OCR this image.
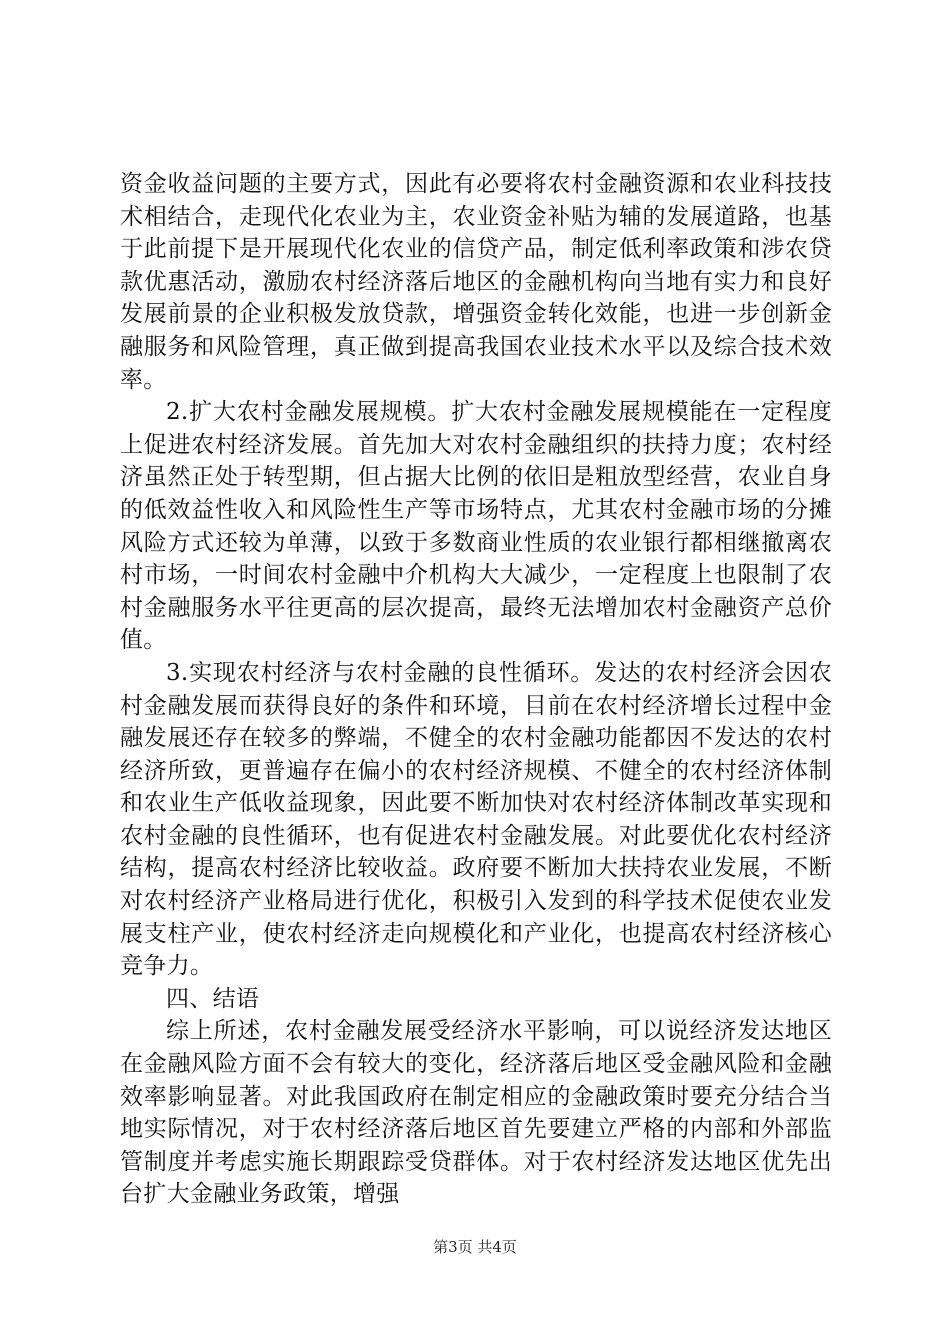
资金收益问题的主要方式，因此有必要将农村金融资源和农业科技技术相结合，走现代化农业为主，农业资金补贴为辅的发展道路，也基于此前提下是开展现代化农业的信贷产品，制定低利率政策和涉农贷款优惠活动，激励农村经济落后地区的金融机构向当地有实力和良好发展前景的企业积极发放贷款，增强资金转化效能，也进一步创新金融服务和风险管理，真正做到提高我国农业技术水平以及综合技术效率。

2.扩大农村金融发展规模。扩大农村金融发展规模能在一定程度上促进农村经济发展。首先加大对农村金融组织的扶持力度；农村经济虽然正处于转型期，但占据大比例的依旧是粗放型经营，农业自身的低效益性收入和风险性生产等市场特点，尤其农村金融市场的分摊风险方式还较为单薄，以致于多数商业性质的农业银行都相继撤离农村市场，一时间农村金融中介机构大大减少，一定程度上也限制了农村金融服务水平往更高的层次提高，最终无法增加农村金融资产总价值。

3.实现农村经济与农村金融的良性循环。发达的农村经济会因农村金融发展而获得良好的条件和环境，目前在农村经济增长过程中金融发展还存在较多的弊端，不健全的农村金融功能都因不发达的农村经济所致，更普遍存在偏小的农村经济规模、不健全的农村经济体制和农业生产低收益现象，因此要不断加快对农村经济体制改革实现和农村金融的良性循环，也有促进农村金融发展。对此要优化农村经济结构，提高农村经济比较收益。政府要不断加大扶持农业发展，不断对农村经济产业格局进行优化，积极引入发到的科学技术促使农业发展支柱产业，使农村经济走向规模化和产业化，也提高农村经济核心竞争力。

四、结语

综上所述，农村金融发展受经济水平影响，可以说经济发达地区在金融风险方面不会有较大的变化，经济落后地区受金融风险和金融效率影响显著。对此我国政府在制定相应的金融政策时要充分结合当地实际情况，对于农村经济落后地区首先要建立严格的内部和外部监管制度并考虑实施长期跟踪受贷群体。对于农村经济发达地区优先出台扩大金融业务政策，增强

第3页 共4页
